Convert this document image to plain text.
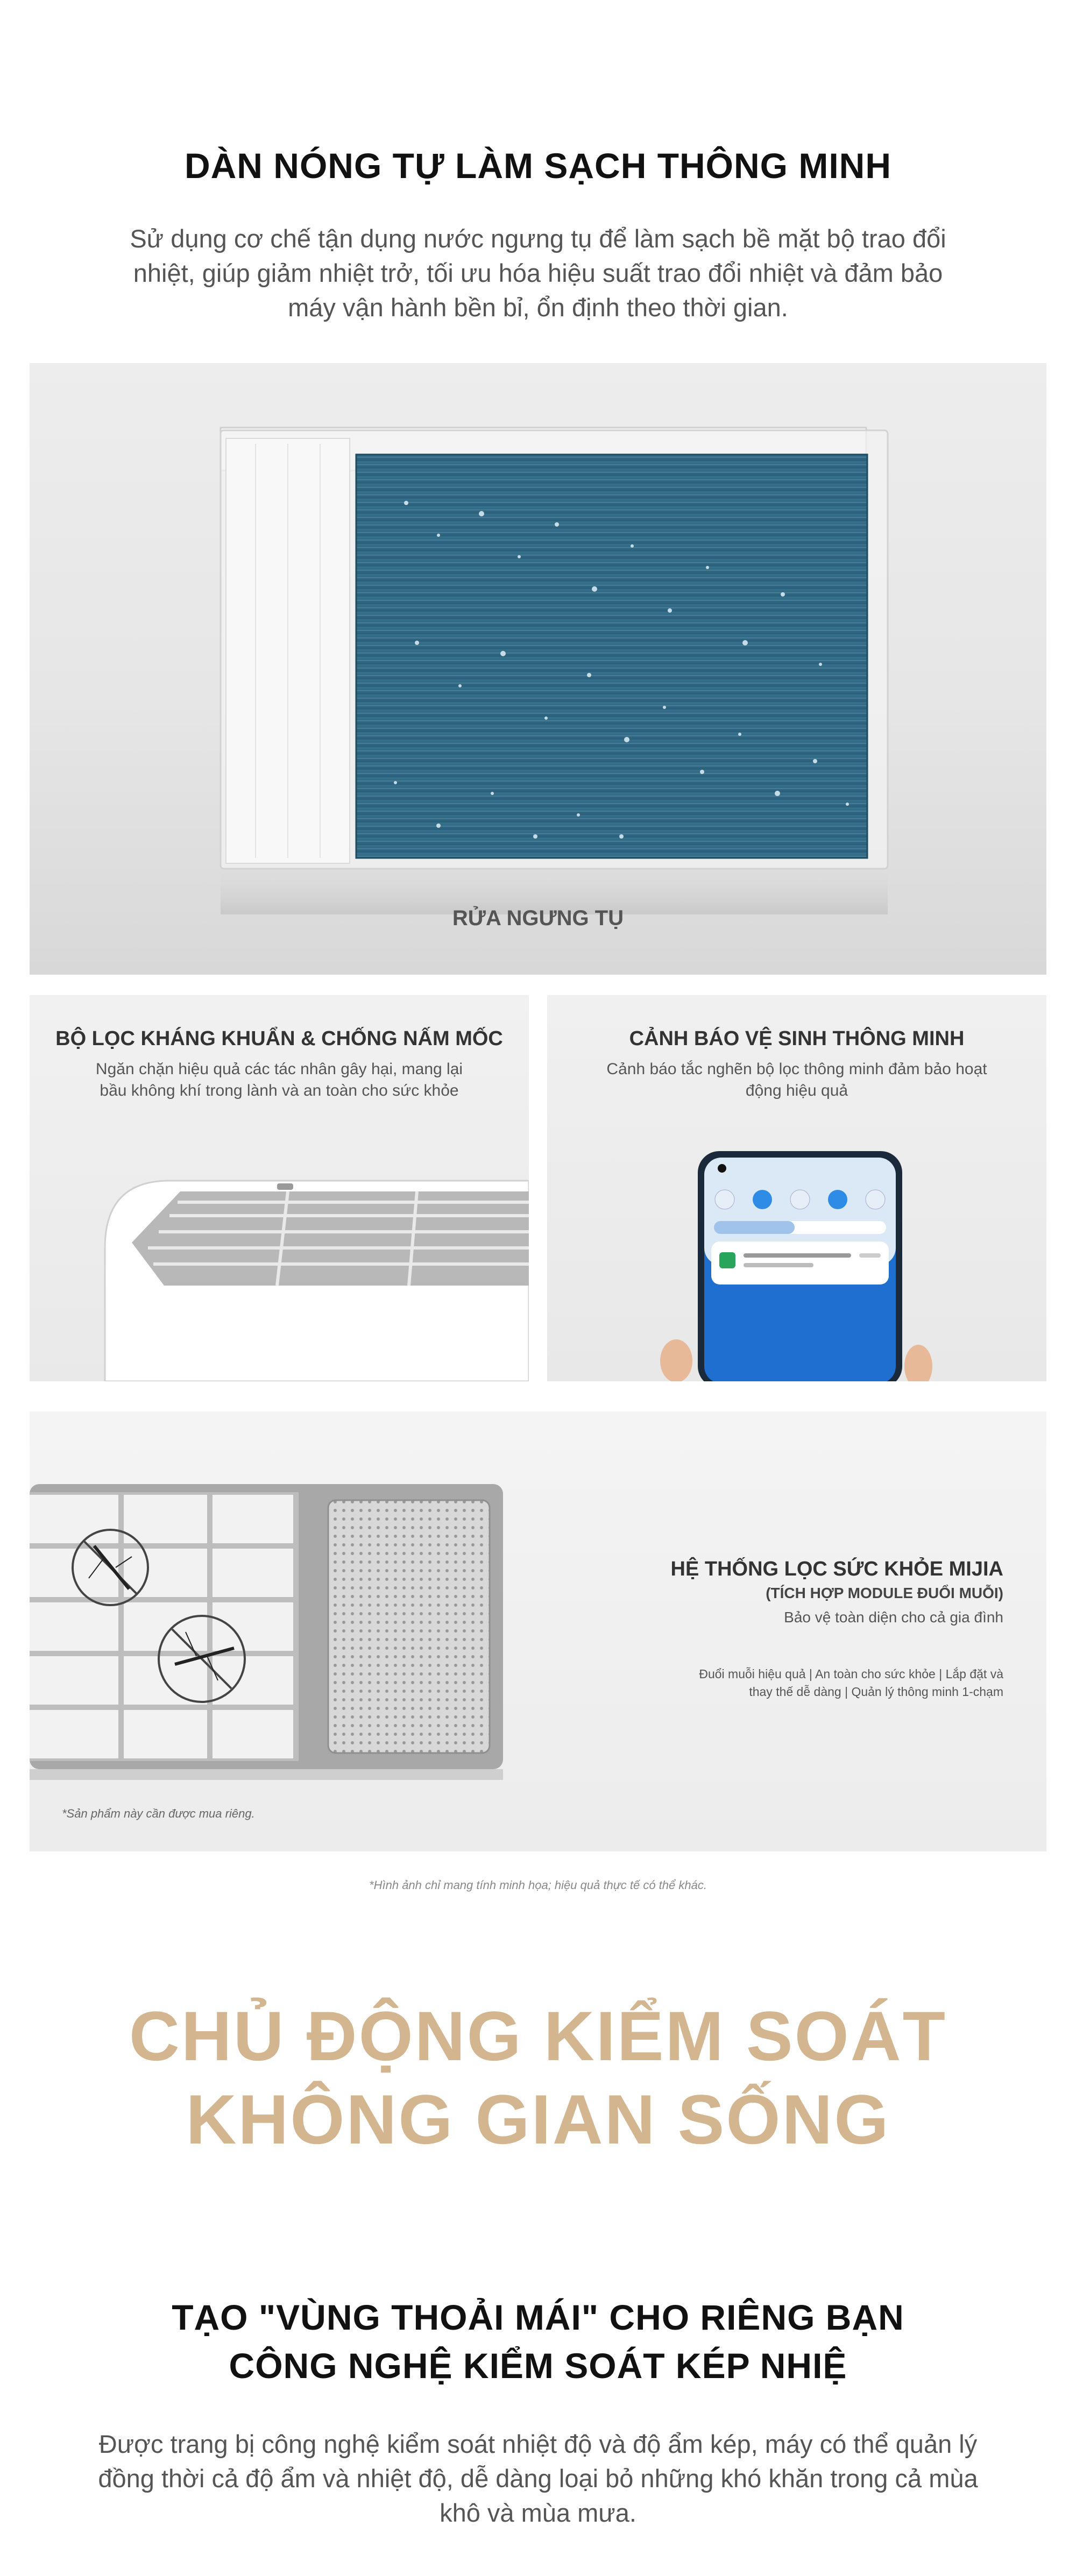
DÀN NÓNG TỰ LÀM SẠCH THÔNG MINH
Sử dụng cơ chế tận dụng nước ngưng tụ để làm sạch bề mặt bộ trao đổi
nhiệt, giúp giảm nhiệt trở, tối ưu hóa hiệu suất trao đổi nhiệt và đảm bảo
máy vận hành bền bỉ, ổn định theo thời gian.
RỬA NGƯNG TỤ
BỘ LỌC KHÁNG KHUẨN & CHỐNG NẤM MỐC
Ngăn chặn hiệu quả các tác nhân gây hại, mang lại
bầu không khí trong lành và an toàn cho sức khỏe
CẢNH BÁO VỆ SINH THÔNG MINH
Cảnh báo tắc nghẽn bộ lọc thông minh đảm bảo hoạt
động hiệu quả
HỆ THỐNG LỌC SỨC KHỎE MIJIA
(TÍCH HỢP MODULE ĐUỔI MUỖI)
Bảo vệ toàn diện cho cả gia đình
Đuổi muỗi hiệu quả | An toàn cho sức khỏe | Lắp đặt và
thay thế dễ dàng | Quản lý thông minh 1-chạm
*Sản phẩm này cần được mua riêng.
*Hình ảnh chỉ mang tính minh họa; hiệu quả thực tế có thể khác.
CHỦ ĐỘNG KIỂM SOÁT
KHÔNG GIAN SỐNG
TẠO "VÙNG THOẢI MÁI" CHO RIÊNG BẠN
CÔNG NGHỆ KIỂM SOÁT KÉP NHIỆ
Được trang bị công nghệ kiểm soát nhiệt độ và độ ẩm kép, máy có thể quản lý
đồng thời cả độ ẩm và nhiệt độ, dễ dàng loại bỏ những khó khăn trong cả mùa
khô và mùa mưa.
